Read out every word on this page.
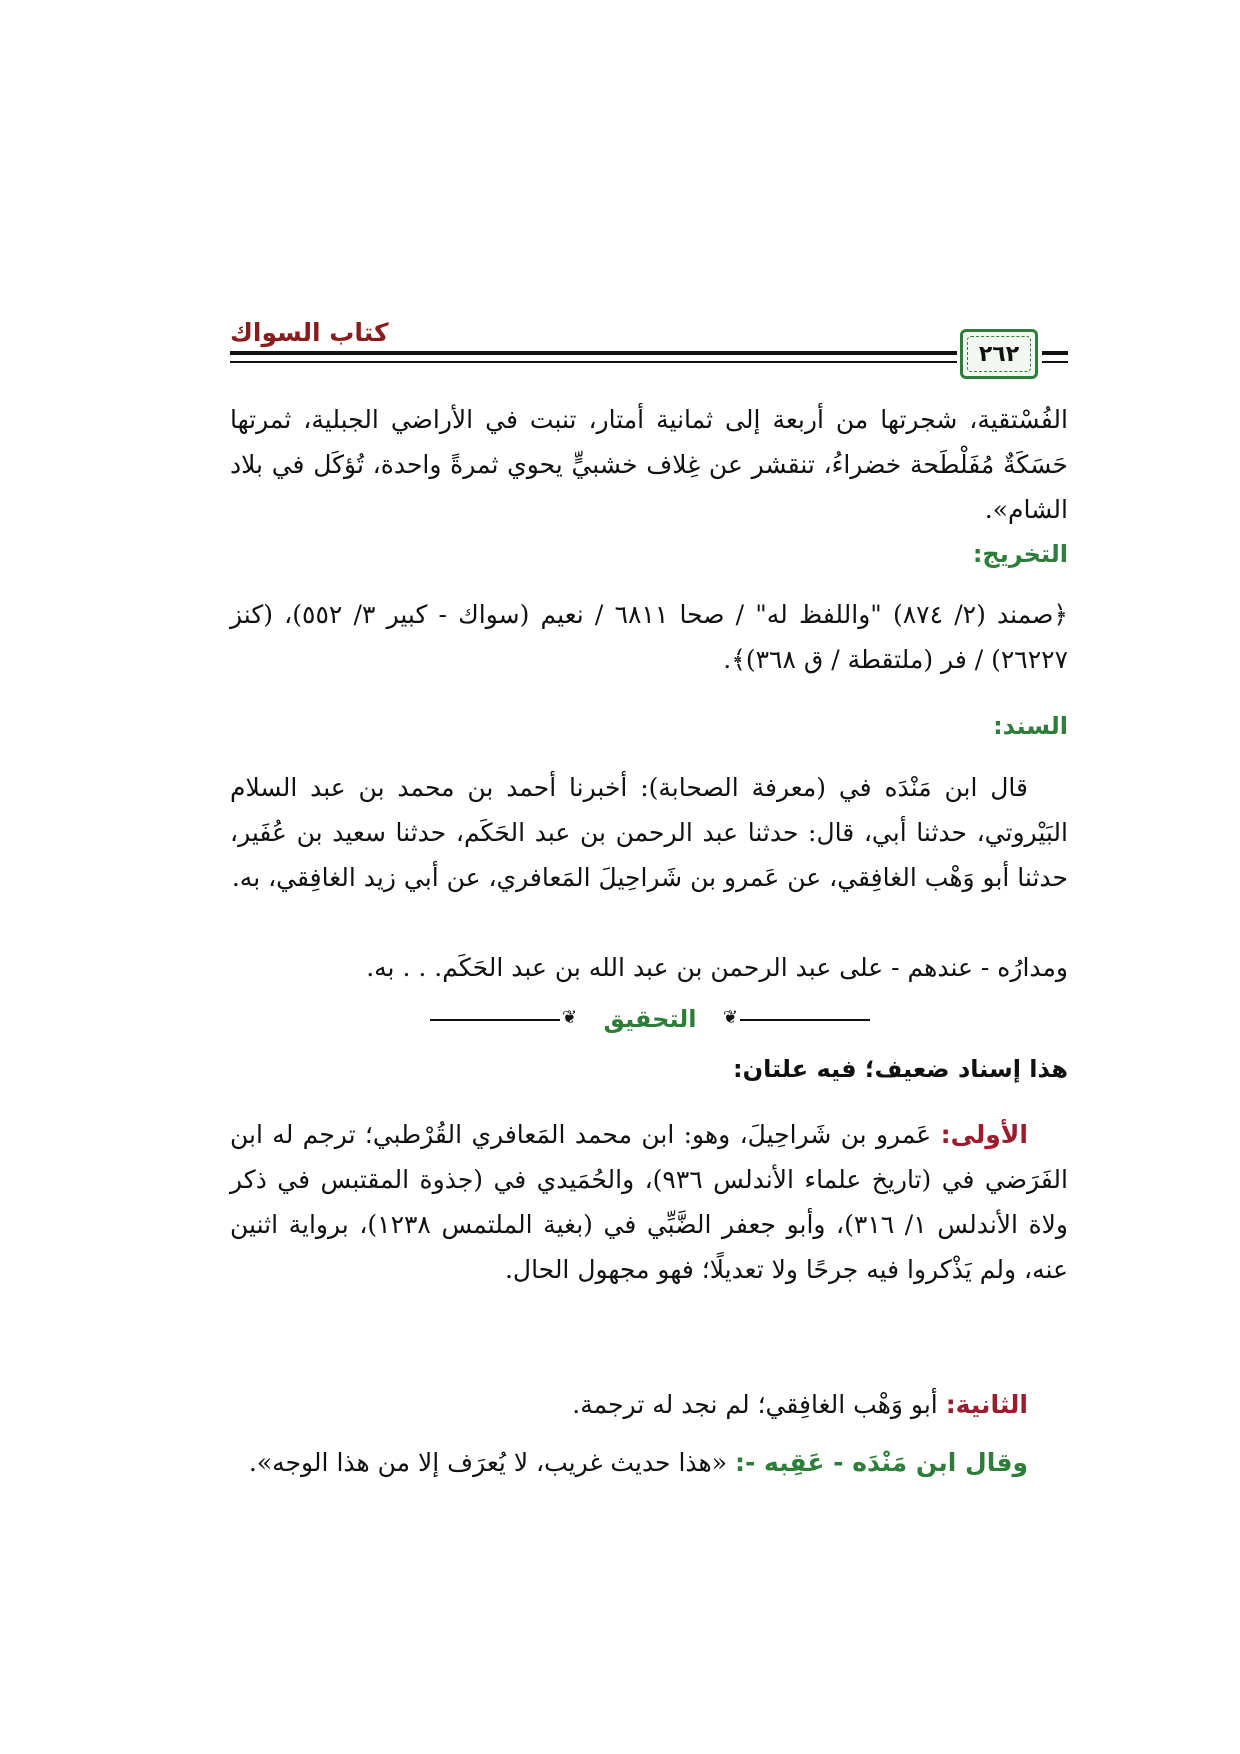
كتاب السواك
٢٦٢

الفُسْتقية، شجرتها من أربعة إلى ثمانية أمتار، تنبت في الأراضي الجبلية، ثمرتها حَسَكَةٌ مُفَلْطَحة خضراءُ، تنقشر عن غِلاف خشبيٍّ يحوي ثمرةً واحدة، تُؤكَل في بلاد الشام».

التخريج:

﴿صمند (٢/ ٨٧٤) "واللفظ له" / صحا ٦٨١١ / نعيم (سواك - كبير ٣/ ٥٥٢)، (كنز ٢٦٢٢٧) / فر (ملتقطة / ق ٣٦٨)﴾.

السند:

قال ابن مَنْدَه في (معرفة الصحابة): أخبرنا أحمد بن محمد بن عبد السلام البَيْروتي، حدثنا أبي، قال: حدثنا عبد الرحمن بن عبد الحَكَم، حدثنا سعيد بن عُفَير، حدثنا أبو وَهْب الغافِقي، عن عَمرو بن شَراحِيلَ المَعافري، عن أبي زيد الغافِقي، به.

ومدارُه - عندهم - على عبد الرحمن بن عبد الله بن عبد الحَكَم. . . به.

❦	التحقيق	❦
هذا إسناد ضعيف؛ فيه علتان:

الأولى: عَمرو بن شَراحِيلَ، وهو: ابن محمد المَعافري القُرْطبي؛ ترجم له ابن الفَرَضي في (تاريخ علماء الأندلس ٩٣٦)، والحُمَيدي في (جذوة المقتبس في ذكر ولاة الأندلس ١/ ٣١٦)، وأبو جعفر الضَّبِّي في (بغية الملتمس ١٢٣٨)، برواية اثنين عنه، ولم يَذْكروا فيه جرحًا ولا تعديلًا؛ فهو مجهول الحال.

الثانية: أبو وَهْب الغافِقي؛ لم نجد له ترجمة.

وقال ابن مَنْدَه - عَقِبه -: «هذا حديث غريب، لا يُعرَف إلا من هذا الوجه».
